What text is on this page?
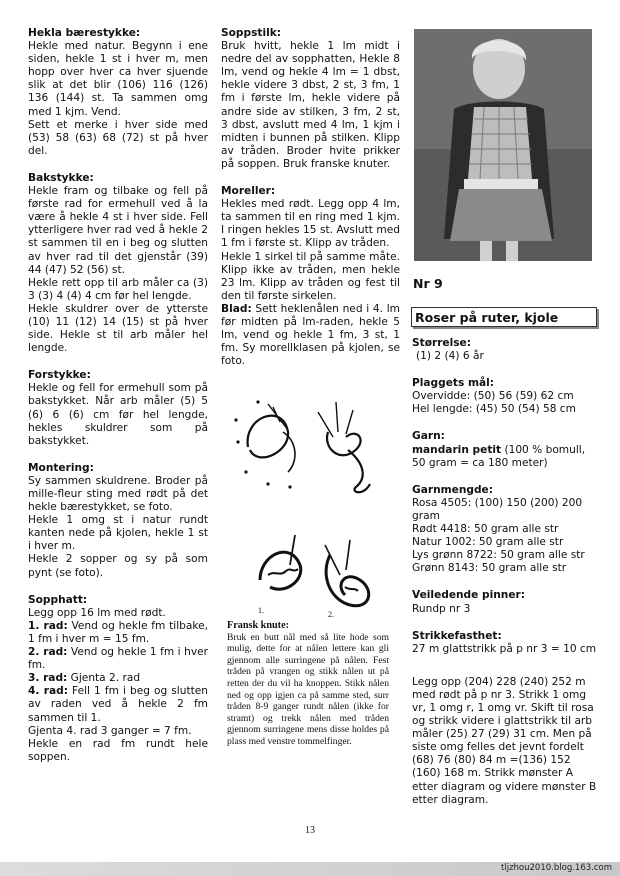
Hekla bærestykke:
Hekle med natur. Begynn i ene siden, hekle 1 st i hver m, men hopp over hver ca hver sjuende slik at det blir (106) 116 (126) 136 (144) st. Ta sammen omg med 1 kjm. Vend.
Sett et merke i hver side med (53) 58 (63) 68 (72) st på hver del.
Bakstykke:
Hekle fram og tilbake og fell på første rad for ermehull ved å la være å hekle 4 st i hver side. Fell ytterligere hver rad ved å hekle 2 st sammen til en i beg og slutten av hver rad til det gjenstår (39) 44 (47) 52 (56) st.
Hekle rett opp til arb måler ca (3) 3 (3) 4 (4) 4 cm før hel lengde.
Hekle skuldrer over de ytterste (10) 11 (12) 14 (15) st på hver side. Hekle st til arb måler hel lengde.
Forstykke:
Hekle og fell for ermehull som på bakstykket. Når arb måler (5) 5 (6) 6 (6) cm før hel lengde, hekles skuldrer som på bakstykket.
Montering:
Sy sammen skuldrene. Broder på mille-fleur sting med rødt på det hekle bærestykket, se foto.
Hekle 1 omg st i natur rundt kanten nede på kjolen, hekle 1 st i hver m.
Hekle 2 sopper og sy på som pynt (se foto).
Sopphatt:
Legg opp 16 lm med rødt.
1. rad: Vend og hekle fm tilbake, 1 fm i hver m = 15 fm.
2. rad: Vend og hekle 1 fm i hver fm.
3. rad: Gjenta 2. rad
4. rad: Fell 1 fm i beg og slutten av raden ved å hekle 2 fm sammen til 1.
Gjenta 4. rad 3 ganger = 7 fm.
Hekle en rad fm rundt hele soppen.
Soppstilk:
Bruk hvitt, hekle 1 lm midt i nedre del av sopphatten, Hekle 8 lm, vend og hekle 4 lm = 1 dbst, hekle videre 3 dbst, 2 st, 3 fm, 1 fm i første lm, hekle videre på andre side av stilken, 3 fm, 2 st, 3 dbst, avslutt med 4 lm, 1 kjm i midten i bunnen på stilken. Klipp av tråden. Broder hvite prikker på soppen. Bruk franske knuter.
Moreller:
Hekles med rødt. Legg opp 4 lm, ta sammen til en ring med 1 kjm. I ringen hekles 15 st. Avslutt med 1 fm i første st. Klipp av tråden.
Hekle 1 sirkel til på samme måte. Klipp ikke av tråden, men hekle 23 lm. Klipp av tråden og fest til den til første sirkelen.
Blad: Sett heklenålen ned i 4. lm før midten på lm-raden, hekle 5 lm, vend og hekle 1 fm, 3 st, 1 fm. Sy morellklasen på kjolen, se foto.
1.	2.
Fransk knute:
Bruk en butt nål med så lite hode som mulig, dette for at nålen lettere kan gli gjennom alle surringene på nålen. Fest tråden på vrangen og stikk nålen ut på retten der du vil ha knoppen. Stikk nålen ned og opp igjen ca på samme sted, surr tråden 8-9 ganger rundt nålen (ikke for stramt) og trekk nålen med tråden gjennom surringene mens disse holdes på plass med venstre tommelfinger.
Nr 9
Roser på ruter, kjole
Størrelse:
(1) 2 (4) 6 år
Plaggets mål:
Overvidde: (50) 56 (59) 62 cm
Hel lengde: (45) 50 (54) 58 cm
Garn:
mandarin petit (100 % bomull, 50 gram = ca 180 meter)
Garnmengde:
Rosa 4505: (100) 150 (200) 200 gram
Rødt 4418: 50 gram alle str
Natur 1002: 50 gram alle str
Lys grønn 8722: 50 gram alle str
Grønn 8143: 50 gram alle str
Veiledende pinner:
Rundp nr 3
Strikkefasthet:
27 m glattstrikk på p nr 3 = 10 cm
Legg opp (204) 228 (240) 252 m med rødt på p nr 3. Strikk 1 omg vr, 1 omg r, 1 omg vr. Skift til rosa og strikk videre i glattstrikk til arb måler (25) 27 (29) 31 cm. Men på siste omg felles det jevnt fordelt (68) 76 (80) 84 m =(136) 152 (160) 168 m. Strikk mønster A etter diagram og videre mønster B etter diagram.
13
tljzhou2010.blog.163.com
